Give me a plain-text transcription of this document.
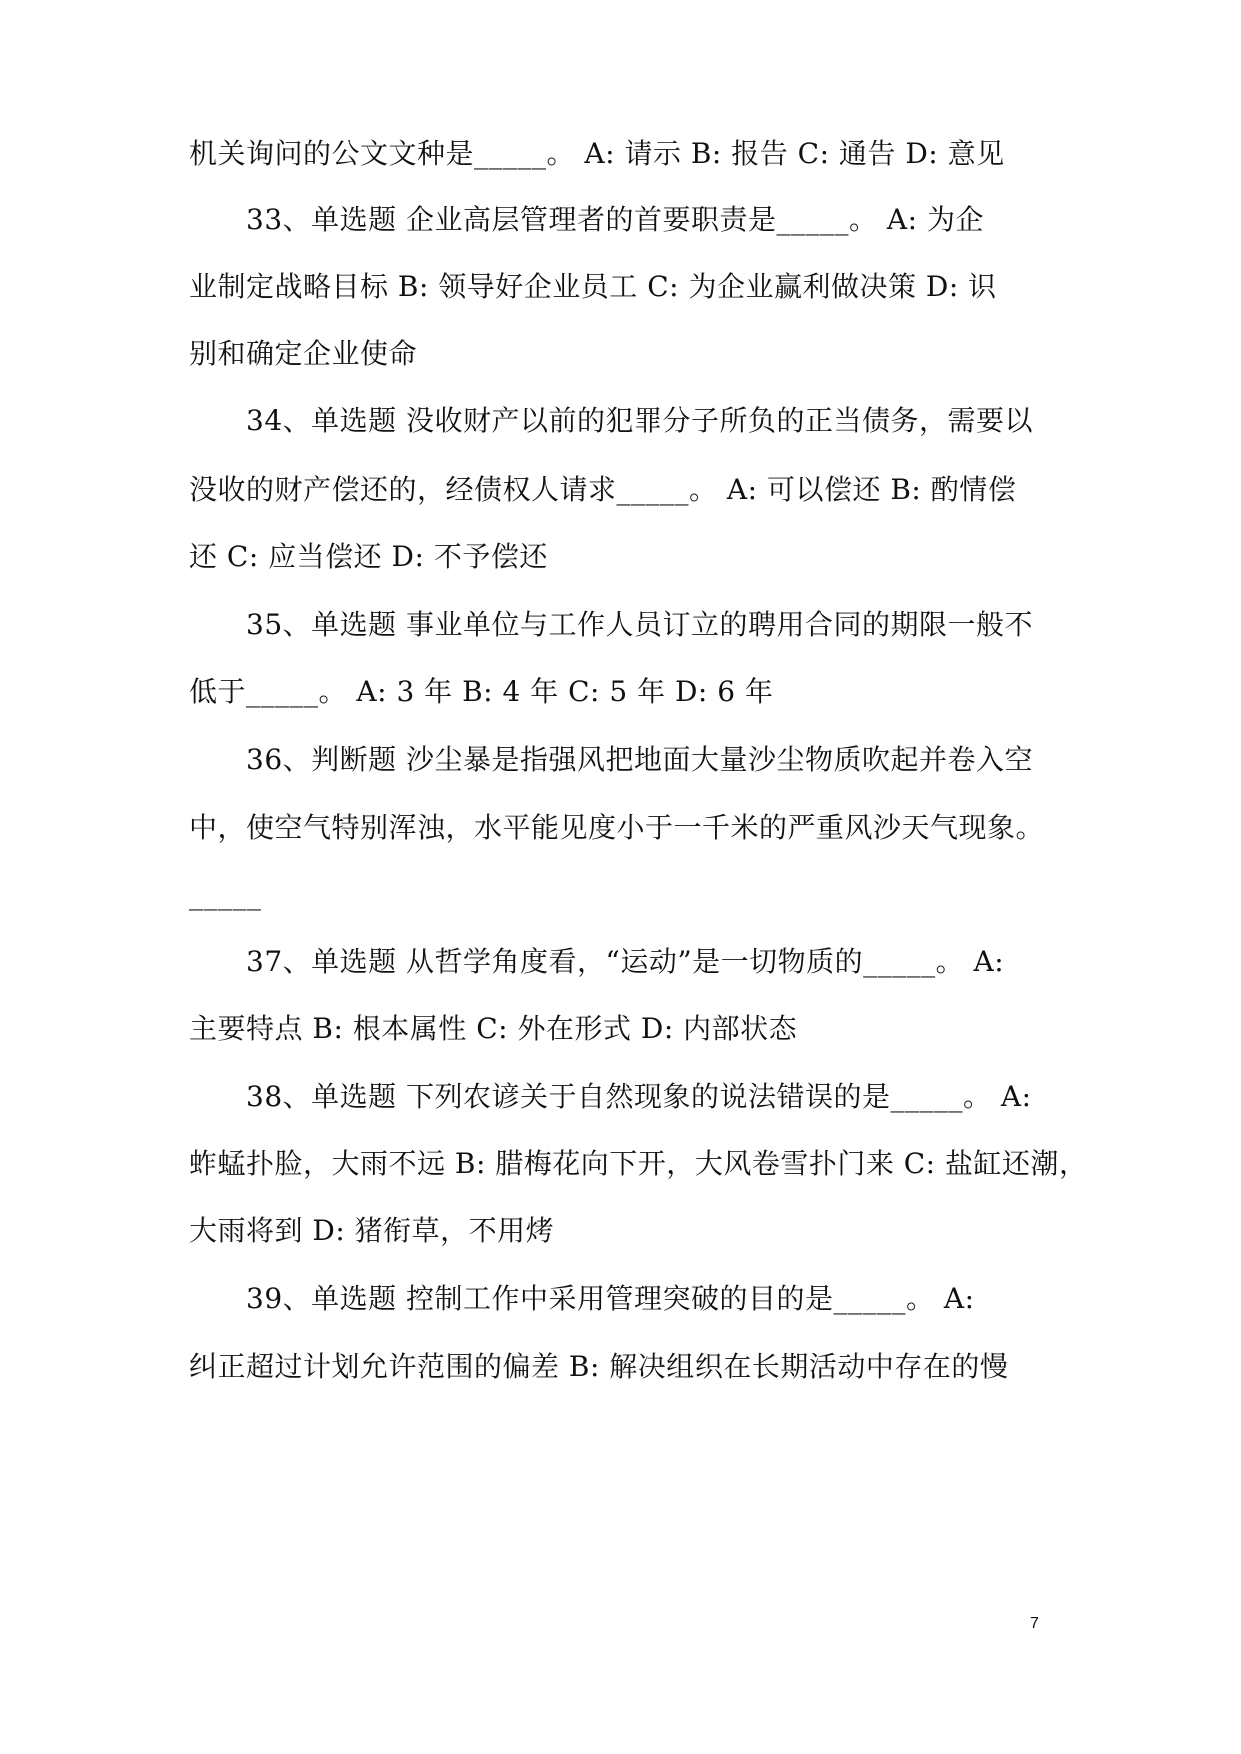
机关询问的公文文种是_____。 A: 请示 B: 报告 C: 通告 D: 意见
33、单选题 企业高层管理者的首要职责是_____。 A: 为企
业制定战略目标 B: 领导好企业员工 C: 为企业赢利做决策 D: 识
别和确定企业使命
34、单选题 没收财产以前的犯罪分子所负的正当债务，需要以
没收的财产偿还的，经债权人请求_____。 A: 可以偿还 B: 酌情偿
还 C: 应当偿还 D: 不予偿还
35、单选题 事业单位与工作人员订立的聘用合同的期限一般不
低于_____。 A: 3 年 B: 4 年 C: 5 年 D: 6 年
36、判断题 沙尘暴是指强风把地面大量沙尘物质吹起并卷入空
中，使空气特别浑浊，水平能见度小于一千米的严重风沙天气现象。
_____
37、单选题 从哲学角度看，“运动”是一切物质的_____。 A:
主要特点 B: 根本属性 C: 外在形式 D: 内部状态
38、单选题 下列农谚关于自然现象的说法错误的是_____。 A:
蚱蜢扑脸，大雨不远 B: 腊梅花向下开，大风卷雪扑门来 C: 盐缸还潮，
大雨将到 D: 猪衔草，不用烤
39、单选题 控制工作中采用管理突破的目的是_____。 A:
纠正超过计划允许范围的偏差 B: 解决组织在长期活动中存在的慢
7
